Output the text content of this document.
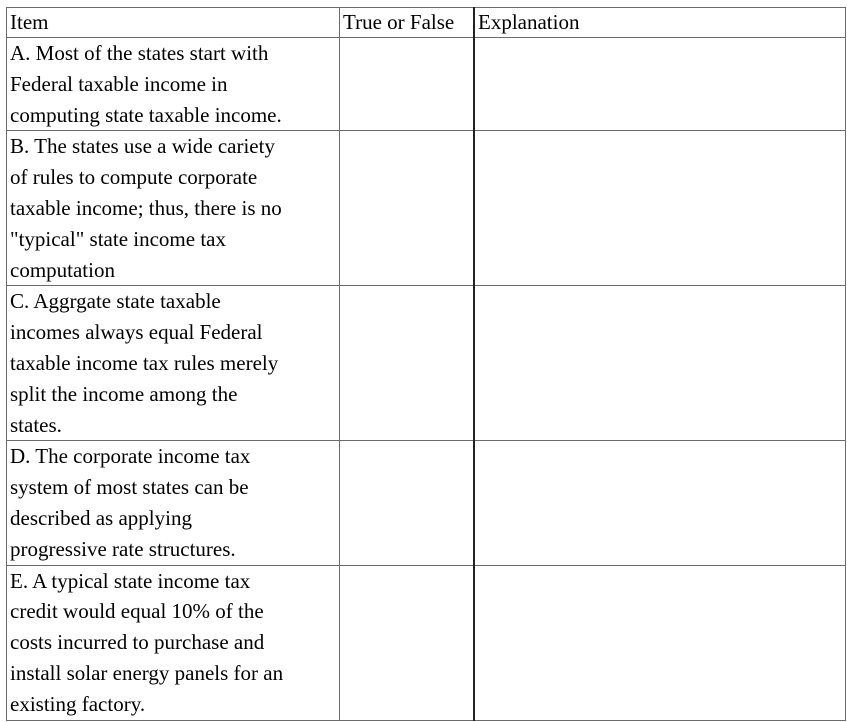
Item	True or False	Explanation

A. Most of the states start with
Federal taxable income in
computing state taxable income.		

B. The states use a wide cariety
of rules to compute corporate
taxable income; thus, there is no
"typical" state income tax
computation		

C. Aggrgate state taxable
incomes always equal Federal
taxable income tax rules merely
split the income among the
states.		

D. The corporate income tax
system of most states can be
described as applying
progressive rate structures.		

E. A typical state income tax
credit would equal 10% of the
costs incurred to purchase and
install solar energy panels for an
existing factory.		
